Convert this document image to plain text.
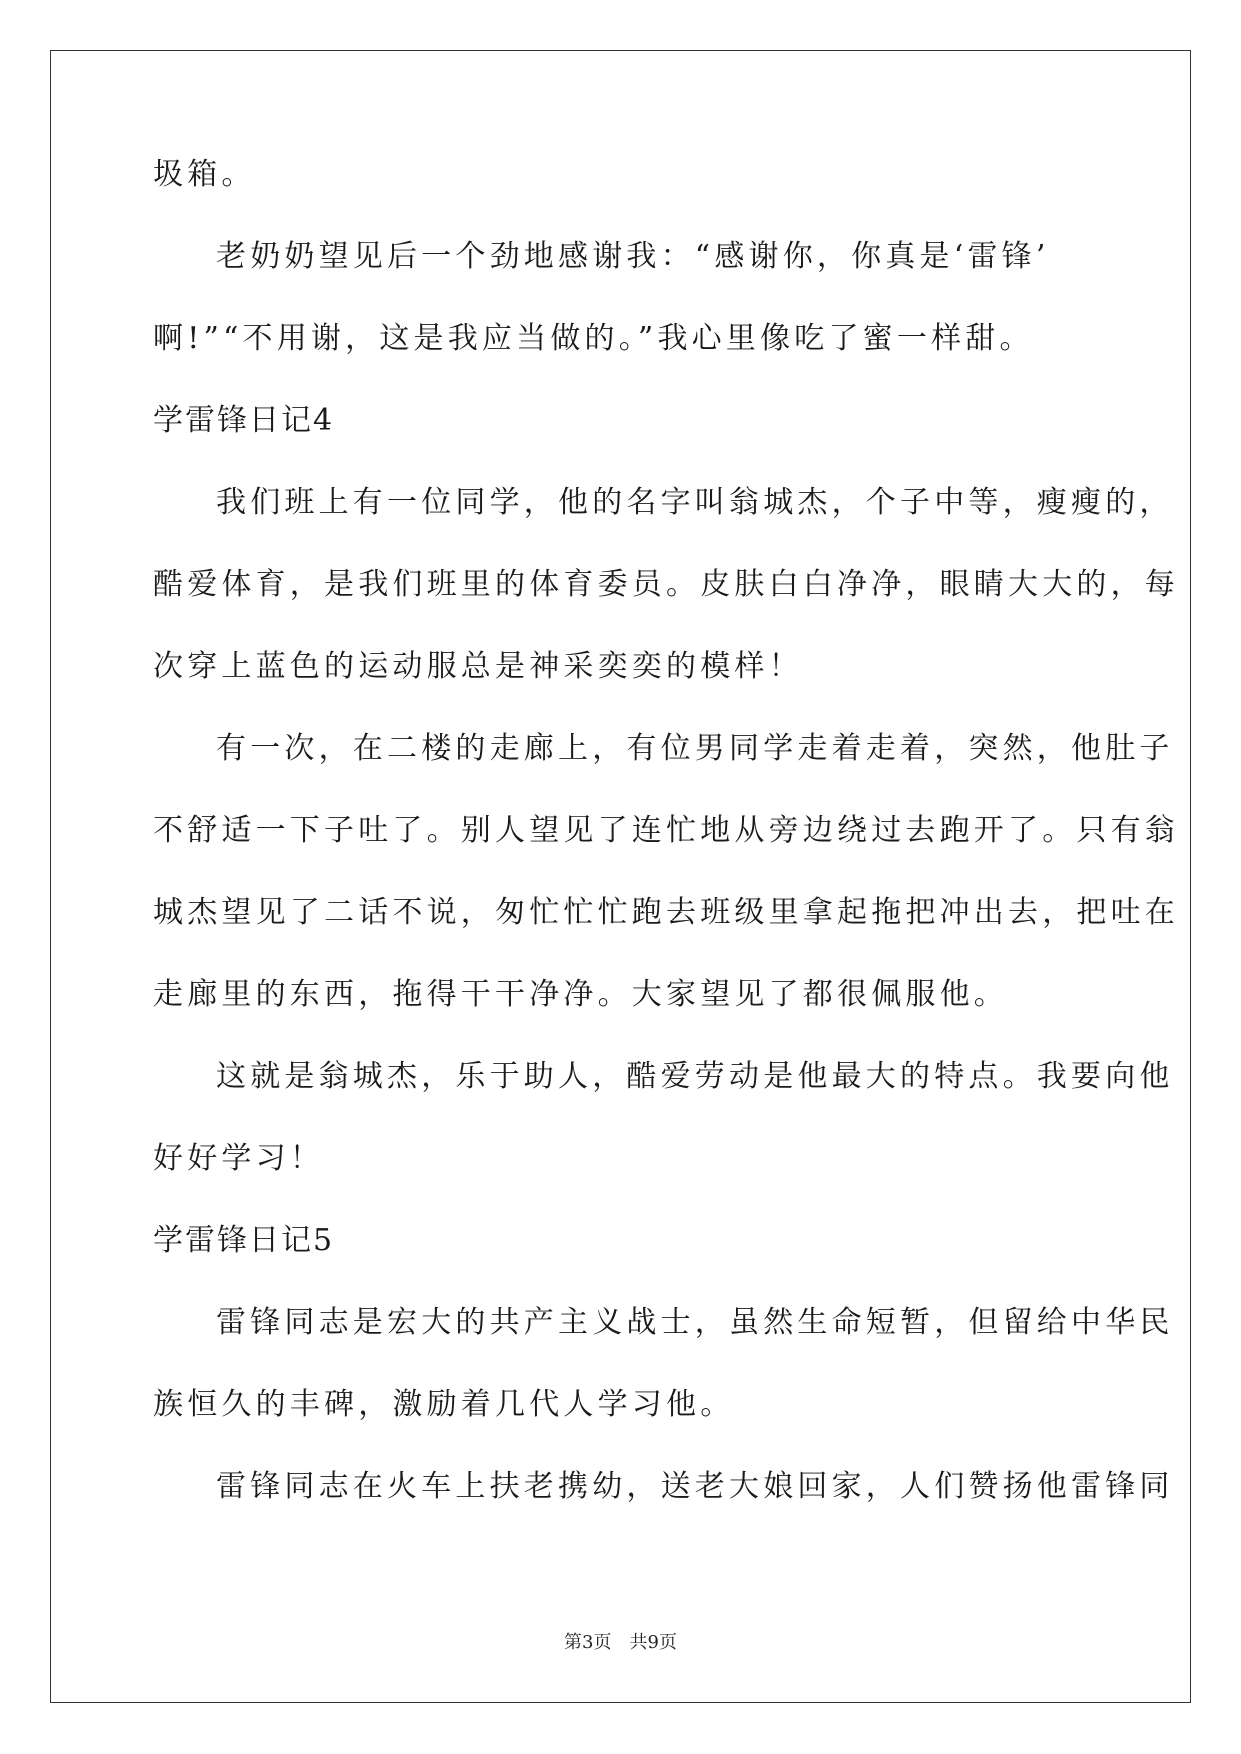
圾箱。
老奶奶望见后一个劲地感谢我：“感谢你，你真是‘雷锋’
啊!”“不用谢，这是我应当做的。”我心里像吃了蜜一样甜。
学雷锋日记4
我们班上有一位同学，他的名字叫翁城杰，个子中等，瘦瘦的，
酷爱体育，是我们班里的体育委员。皮肤白白净净，眼睛大大的，每
次穿上蓝色的运动服总是神采奕奕的模样！
有一次，在二楼的走廊上，有位男同学走着走着，突然，他肚子
不舒适一下子吐了。别人望见了连忙地从旁边绕过去跑开了。只有翁
城杰望见了二话不说，匆忙忙忙跑去班级里拿起拖把冲出去，把吐在
走廊里的东西，拖得干干净净。大家望见了都很佩服他。
这就是翁城杰，乐于助人，酷爱劳动是他最大的特点。我要向他
好好学习！
学雷锋日记5
雷锋同志是宏大的共产主义战士，虽然生命短暂，但留给中华民
族恒久的丰碑，激励着几代人学习他。
雷锋同志在火车上扶老携幼，送老大娘回家，人们赞扬他雷锋同
第3页 共9页
